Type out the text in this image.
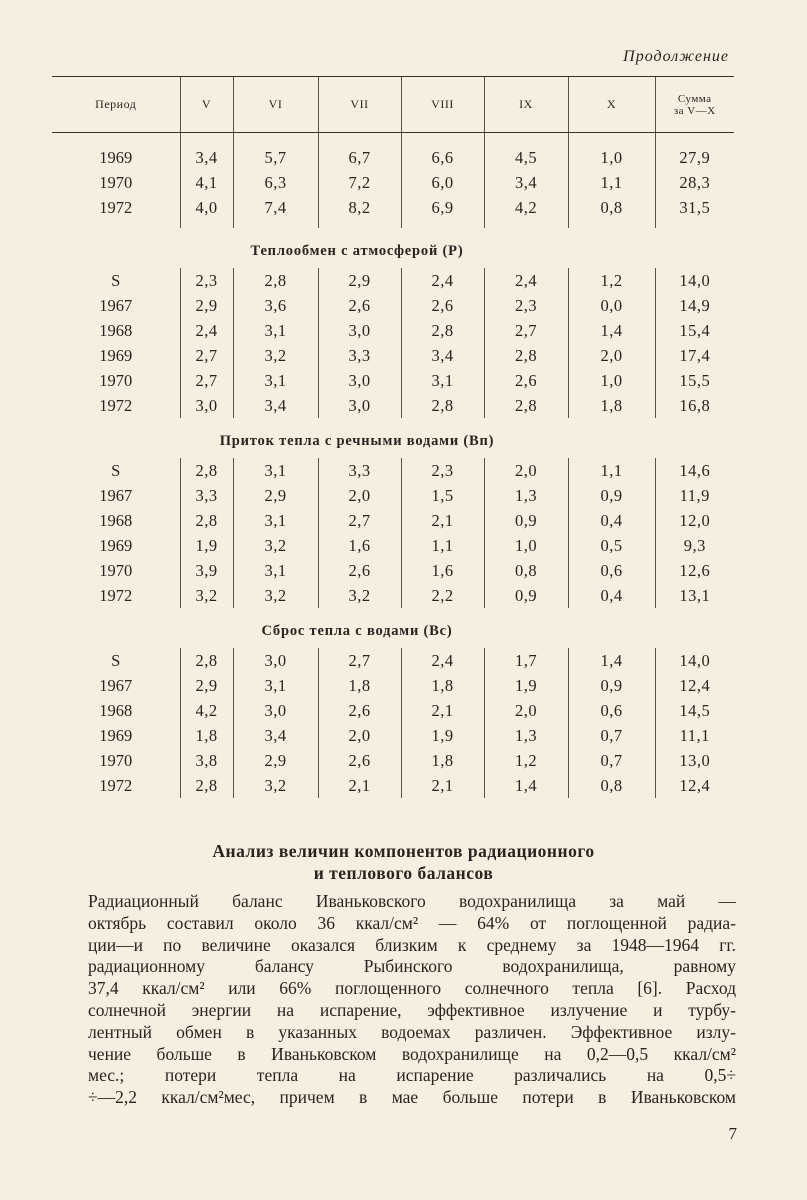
Продолжение
Период	V	VI	VII	VIII	IX	X	Сумма
за V—X

1969	3,4	5,7	6,7	6,6	4,5	1,0	27,9
1970	4,1	6,3	7,2	6,0	3,4	1,1	28,3
1972	4,0	7,4	8,2	6,9	4,2	0,8	31,5

Теплообмен с атмосферой (P)							
S	2,3	2,8	2,9	2,4	2,4	1,2	14,0
1967	2,9	3,6	2,6	2,6	2,3	0,0	14,9
1968	2,4	3,1	3,0	2,8	2,7	1,4	15,4
1969	2,7	3,2	3,3	3,4	2,8	2,0	17,4
1970	2,7	3,1	3,0	3,1	2,6	1,0	15,5
1972	3,0	3,4	3,0	2,8	2,8	1,8	16,8
Приток тепла с речными водами (Bп)							
S	2,8	3,1	3,3	2,3	2,0	1,1	14,6
1967	3,3	2,9	2,0	1,5	1,3	0,9	11,9
1968	2,8	3,1	2,7	2,1	0,9	0,4	12,0
1969	1,9	3,2	1,6	1,1	1,0	0,5	9,3
1970	3,9	3,1	2,6	1,6	0,8	0,6	12,6
1972	3,2	3,2	3,2	2,2	0,9	0,4	13,1
Сброс тепла с водами (Bс)							
S	2,8	3,0	2,7	2,4	1,7	1,4	14,0
1967	2,9	3,1	1,8	1,8	1,9	0,9	12,4
1968	4,2	3,0	2,6	2,1	2,0	0,6	14,5
1969	1,8	3,4	2,0	1,9	1,3	0,7	11,1
1970	3,8	2,9	2,6	1,8	1,2	0,7	13,0
1972	2,8	3,2	2,1	2,1	1,4	0,8	12,4
Анализ величин компонентов радиационного
и теплового балансов
Радиационный баланс Иваньковского водохранилища за май —
октябрь составил около 36 ккал/см² — 64% от поглощенной радиа-
ции—и по величине оказался близким к среднему за 1948—1964 гг.
радиационному балансу Рыбинского водохранилища, равному
37,4 ккал/см² или 66% поглощенного солнечного тепла [6]. Расход
солнечной энергии на испарение, эффективное излучение и турбу-
лентный обмен в указанных водоемах различен. Эффективное излу-
чение больше в Иваньковском водохранилище на 0,2—0,5 ккал/см²
мес.; потери тепла на испарение различались на 0,5÷
÷—2,2 ккал/см²мес, причем в мае больше потери в Иваньковском
7
